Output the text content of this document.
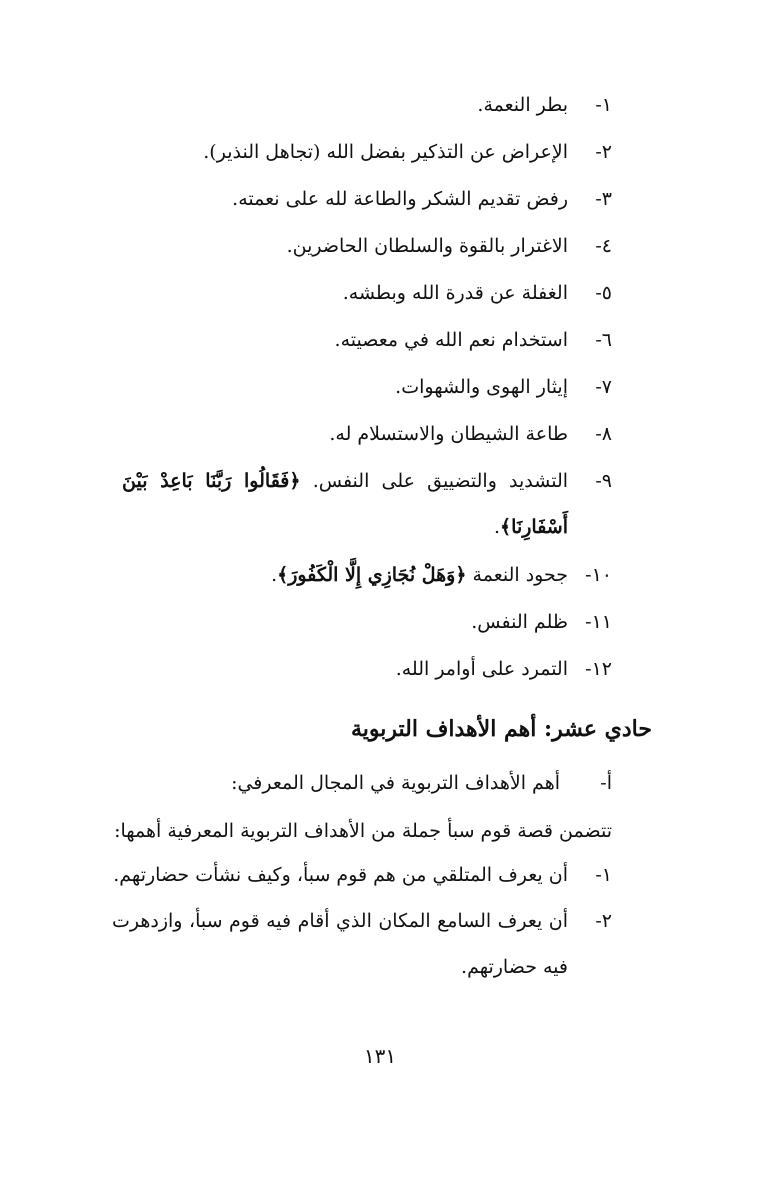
١-
بطر النعمة.
٢-
الإعراض عن التذكير بفضل الله (تجاهل النذير).
٣-
رفض تقديم الشكر والطاعة لله على نعمته.
٤-
الاغترار بالقوة والسلطان الحاضرين.
٥-
الغفلة عن قدرة الله وبطشه.
٦-
استخدام نعم الله في معصيته.
٧-
إيثار الهوى والشهوات.
٨-
طاعة الشيطان والاستسلام له.
٩-
التشديد والتضييق على النفس. ﴿فَقَالُوا رَبَّنَا بَاعِدْ بَيْنَ أَسْفَارِنَا﴾.
١٠-
جحود النعمة ﴿وَهَلْ نُجَازِي إِلَّا الْكَفُورَ﴾.
١١-
ظلم النفس.
١٢-
التمرد على أوامر الله.
حادي عشر: أهم الأهداف التربوية
أ-
أهم الأهداف التربوية في المجال المعرفي:
تتضمن قصة قوم سبأ جملة من الأهداف التربوية المعرفية أهمها:
١-
أن يعرف المتلقي من هم قوم سبأ، وكيف نشأت حضارتهم.
٢-
أن يعرف السامع المكان الذي أقام فيه قوم سبأ، وازدهرت فيه حضارتهم.
١٣١
